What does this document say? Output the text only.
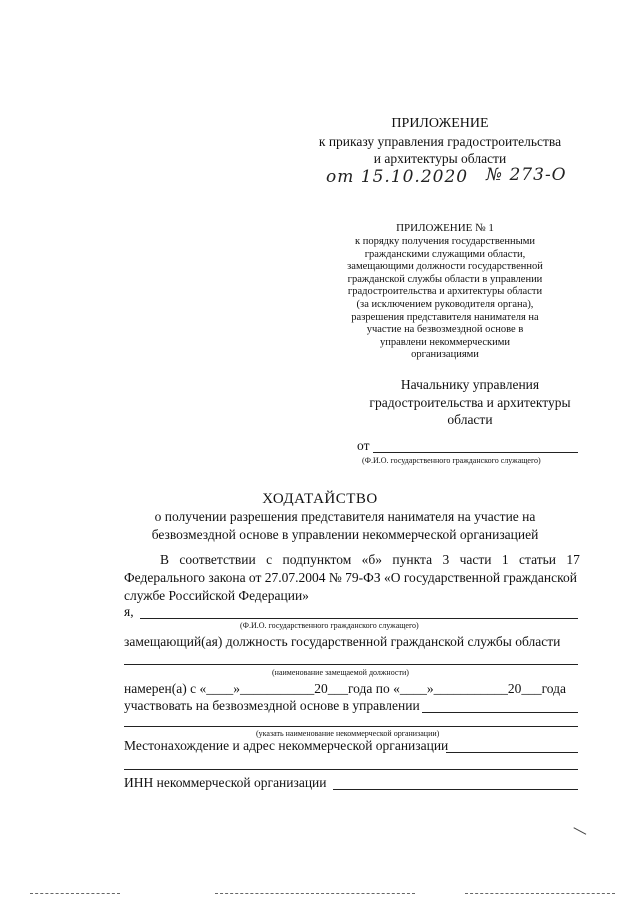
ПРИЛОЖЕНИЕ
к приказу управления градостроительства
и архитектуры области
от 15.10.2020 № 273-О
ПРИЛОЖЕНИЕ № 1
к порядку получения государственными
гражданскими служащими области,
замещающими должности государственной
гражданской службы области в управлении
градостроительства и архитектуры области
(за исключением руководителя органа),
разрешения представителя нанимателя на
участие на безвозмездной основе в
управлени некоммерческими
организациями
Начальнику управления
градостроительства и архитектуры
области
от
(Ф.И.О. государственного гражданского служащего)
ХОДАТАЙСТВО
о получении разрешения представителя нанимателя на участие на
безвозмездной основе в управлении некоммерческой организацией
В соответствии с подпунктом «б» пункта 3 части 1 статьи 17
Федерального закона от 27.07.2004 № 79-ФЗ «О государственной гражданской
службе Российской Федерации»
я,
(Ф.И.О. государственного гражданского служащего)
замещающий(ая) должность государственной гражданской службы области
(наименование замещаемой должности)
намерен(а) с «____»___________20___года по «____»___________20___года
участвовать на безвозмездной основе в управлении
(указать наименование некоммерческой организации)
Местонахождение и адрес некоммерческой организации
ИНН некоммерческой организации
